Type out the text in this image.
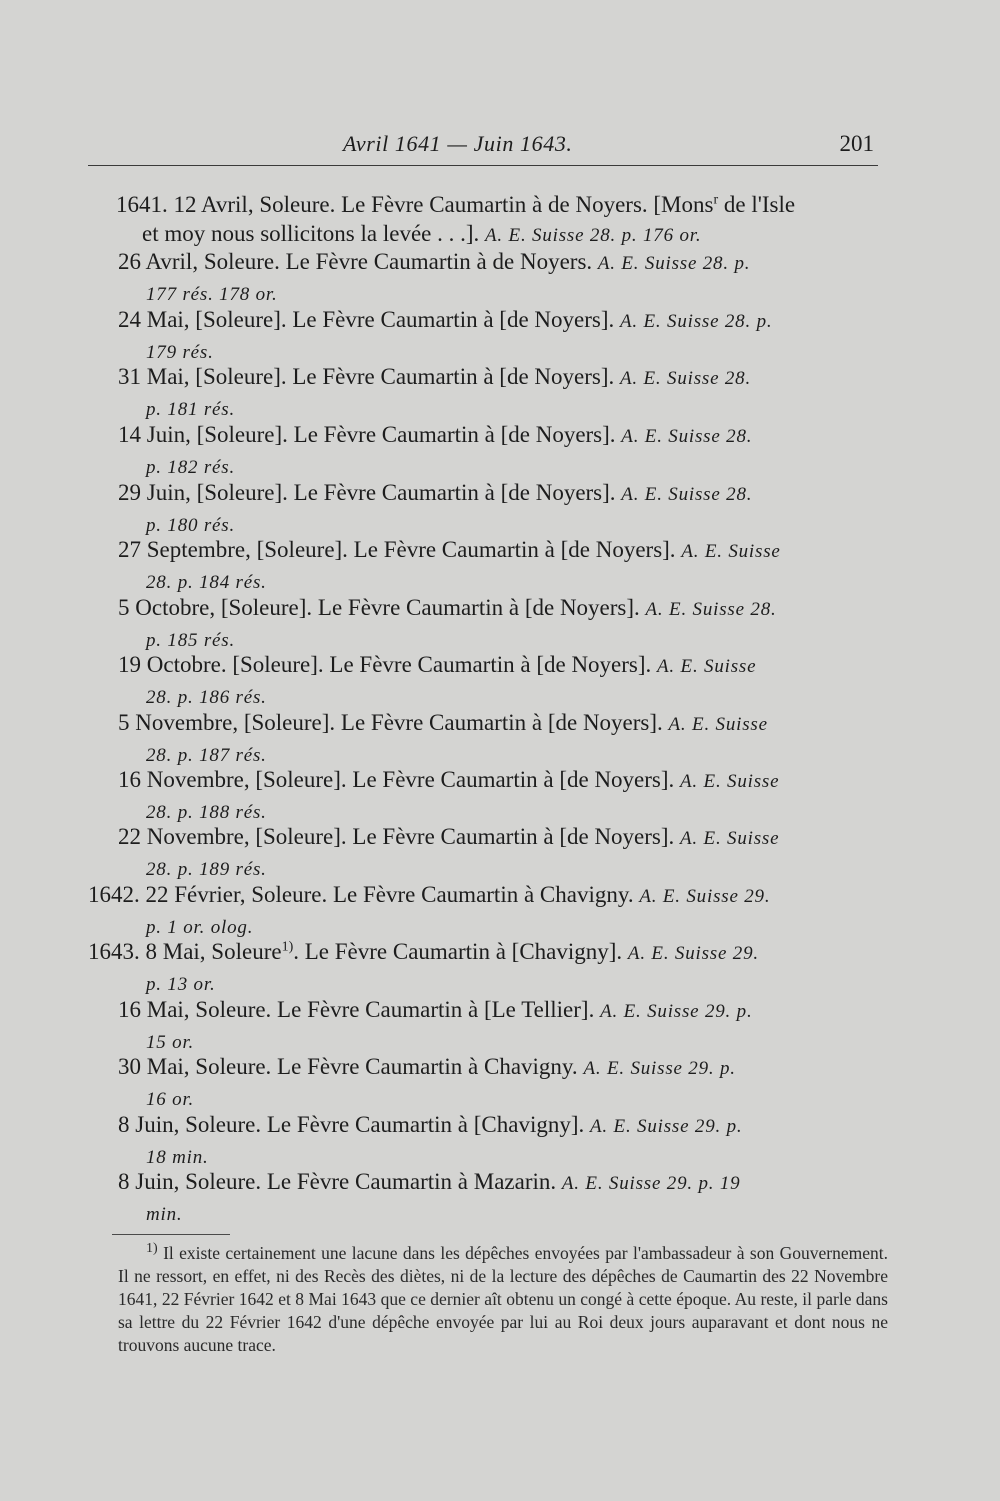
Avril 1641 — Juin 1643.	201
1641. 12 Avril, Soleure. Le Fèvre Caumartin à de Noyers. [Mons$^r$ de l'Isle
et moy nous sollicitons la levée . . .]. A. E. Suisse 28. p. 176 or.
26 Avril, Soleure. Le Fèvre Caumartin à de Noyers. A. E. Suisse 28. p.
177 rés. 178 or.
24 Mai, [Soleure]. Le Fèvre Caumartin à [de Noyers]. A. E. Suisse 28. p.
179 rés.
31 Mai, [Soleure]. Le Fèvre Caumartin à [de Noyers]. A. E. Suisse 28.
p. 181 rés.
14 Juin, [Soleure]. Le Fèvre Caumartin à [de Noyers]. A. E. Suisse 28.
p. 182 rés.
29 Juin, [Soleure]. Le Fèvre Caumartin à [de Noyers]. A. E. Suisse 28.
p. 180 rés.
27 Septembre, [Soleure]. Le Fèvre Caumartin à [de Noyers]. A. E. Suisse
28. p. 184 rés.
5 Octobre, [Soleure]. Le Fèvre Caumartin à [de Noyers]. A. E. Suisse 28.
p. 185 rés.
19 Octobre. [Soleure]. Le Fèvre Caumartin à [de Noyers]. A. E. Suisse
28. p. 186 rés.
5 Novembre, [Soleure]. Le Fèvre Caumartin à [de Noyers]. A. E. Suisse
28. p. 187 rés.
16 Novembre, [Soleure]. Le Fèvre Caumartin à [de Noyers]. A. E. Suisse
28. p. 188 rés.
22 Novembre, [Soleure]. Le Fèvre Caumartin à [de Noyers]. A. E. Suisse
28. p. 189 rés.
1642. 22 Février, Soleure. Le Fèvre Caumartin à Chavigny. A. E. Suisse 29.
p. 1 or. olog.
1643. 8 Mai, Soleure$^{1)}$. Le Fèvre Caumartin à [Chavigny]. A. E. Suisse 29.
p. 13 or.
16 Mai, Soleure. Le Fèvre Caumartin à [Le Tellier]. A. E. Suisse 29. p.
15 or.
30 Mai, Soleure. Le Fèvre Caumartin à Chavigny. A. E. Suisse 29. p.
16 or.
8 Juin, Soleure. Le Fèvre Caumartin à [Chavigny]. A. E. Suisse 29. p.
18 min.
8 Juin, Soleure. Le Fèvre Caumartin à Mazarin. A. E. Suisse 29. p. 19
min.

$^{1)}$ Il existe certainement une lacune dans les dépêches envoyées par l'ambassadeur à son Gouvernement. Il ne ressort, en effet, ni des Recès des diètes, ni de la lecture des dépêches de Caumartin des 22 Novembre 1641, 22 Février 1642 et 8 Mai 1643 que ce dernier aît obtenu un congé à cette époque. Au reste, il parle dans sa lettre du 22 Février 1642 d'une dépêche envoyée par lui au Roi deux jours auparavant et dont nous ne trouvons aucune trace.
